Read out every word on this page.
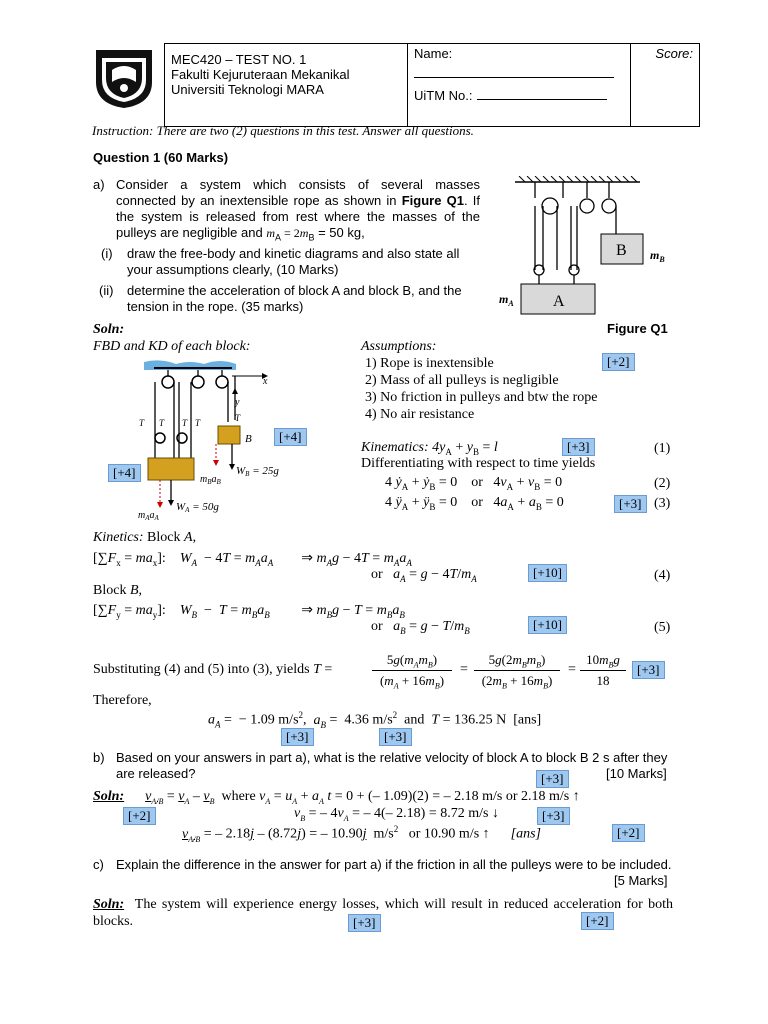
MEC420 – TEST NO. 1
Fakulti Kejuruteraan Mekanikal
Universiti Teknologi MARA

Name:
UiTM No.:
	Score:
Instruction: There are two (2) questions in this test. Answer all questions.
Question 1 (60 Marks)
a) Consider a system which consists of several masses connected by an inextensible rope as shown in Figure Q1. If the system is released from rest where the masses of the pulleys are negligible and $m_A = 2m_B = 50$ kg,
(i) draw the free-body and kinetic diagrams and also state all your assumptions clearly, (10 Marks)
(ii) determine the acceleration of block A and block B, and the tension in the rope. (35 marks)
B $m_B$
A
$m_A$
Figure Q1
Soln:
FBD and KD of each block:
x
y
T
T T T T
B
WB = 25g
$m_Ba_B$
WA = 50g
$m_Aa_A$
Assumptions:
1) Rope is inextensible
2) Mass of all pulleys is negligible
3) No friction in pulleys and btw the rope
4) No air resistance
Kinematics: $4y_A + y_B = l$
Differentiating with respect to time yields
4 ẏ$_A$ + ẏ$_B$ = 0    or   $4v_A + v_B = 0$
4 $ÿ_A$ + $ÿ_B = 0$    or   $4a_A + a_B = 0$
(1)
(2)
(3)
Kinetics: Block A,
$[\sum F_x = ma_x]$:    $W_A - 4T = m_Aa_A$        ⇒ $m_Ag - 4T = m_Aa_A$
or   $a_A = g - 4T/m_A$
Block B,
$[\sum F_y = ma_y]$:    $W_B - T = m_Ba_B$         ⇒ $m_Bg - T = m_Ba_B$
or   $a_B = g - T/m_B$
(4)
(5)
Substituting (4) and (5) into (3), yields T =
$5g(m_Am_B)$
$(m_A + 16m_B)$
=
$5g(2m_Bm_B)$
$(2m_B + 16m_B)$
=
$10m_Bg$
18
Therefore,
$a_A$ =  − 1.09 $m/s^2$,  $a_B = 4.36$ $m/s^2$  and  T = 136.25 N  [ans]
b) Based on your answers in part a), what is the relative velocity of block A to block B 2 s after they are released?	[10 Marks]
Soln: $v_{A/B} = v_A - v_B$  where $v_A = u_A + a_A$ t = 0 + (– 1.09)(2) = – 2.18 m/s or 2.18 m/s ↑
$v_B$ = – $4v_A$ = – 4(– 2.18) = 8.72 m/s ↓
$v_{A/B}$ = – 2.18j – (8.72j) = – 10.90j  $m/s^2$   or 10.90 m/s ↑      [ans]
c) Explain the difference in the answer for part a) if the friction in all the pulleys were to be included.
[5 Marks]
Soln: The system will experience energy losses, which will result in reduced acceleration for both blocks.
[+2]
[+3]
[+3]
[+4]
[+4]
[+10]
[+10]
[+3]
[+3]	[+3]
[+3]
[+2]	[+3]
[+2]
[+3]	[+2]
